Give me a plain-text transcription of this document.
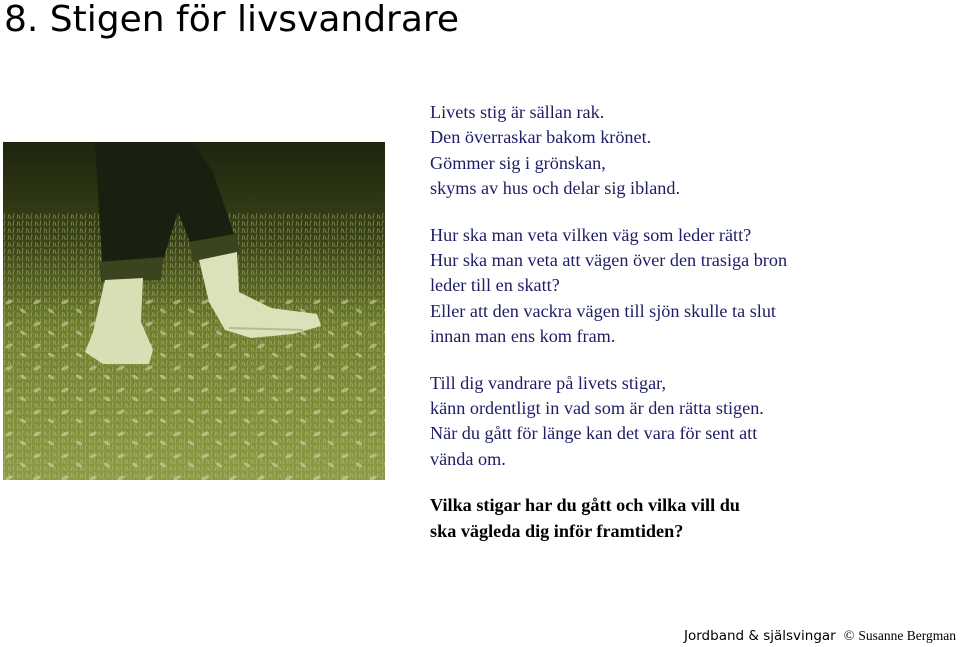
8. Stigen för livsvandrare
Livets stig är sällan rak.
Den överraskar bakom krönet.
Gömmer sig i grönskan,
skyms av hus och delar sig ibland.
Hur ska man veta vilken väg som leder rätt?
Hur ska man veta att vägen över den trasiga bron
leder till en skatt?
Eller att den vackra vägen till sjön skulle ta slut
innan man ens kom fram.
Till dig vandrare på livets stigar,
känn ordentligt in vad som är den rätta stigen.
När du gått för länge kan det vara för sent att
vända om.
Vilka stigar har du gått och vilka vill du
ska vägleda dig inför framtiden?
Jordband & själsvingar © Susanne Bergman
